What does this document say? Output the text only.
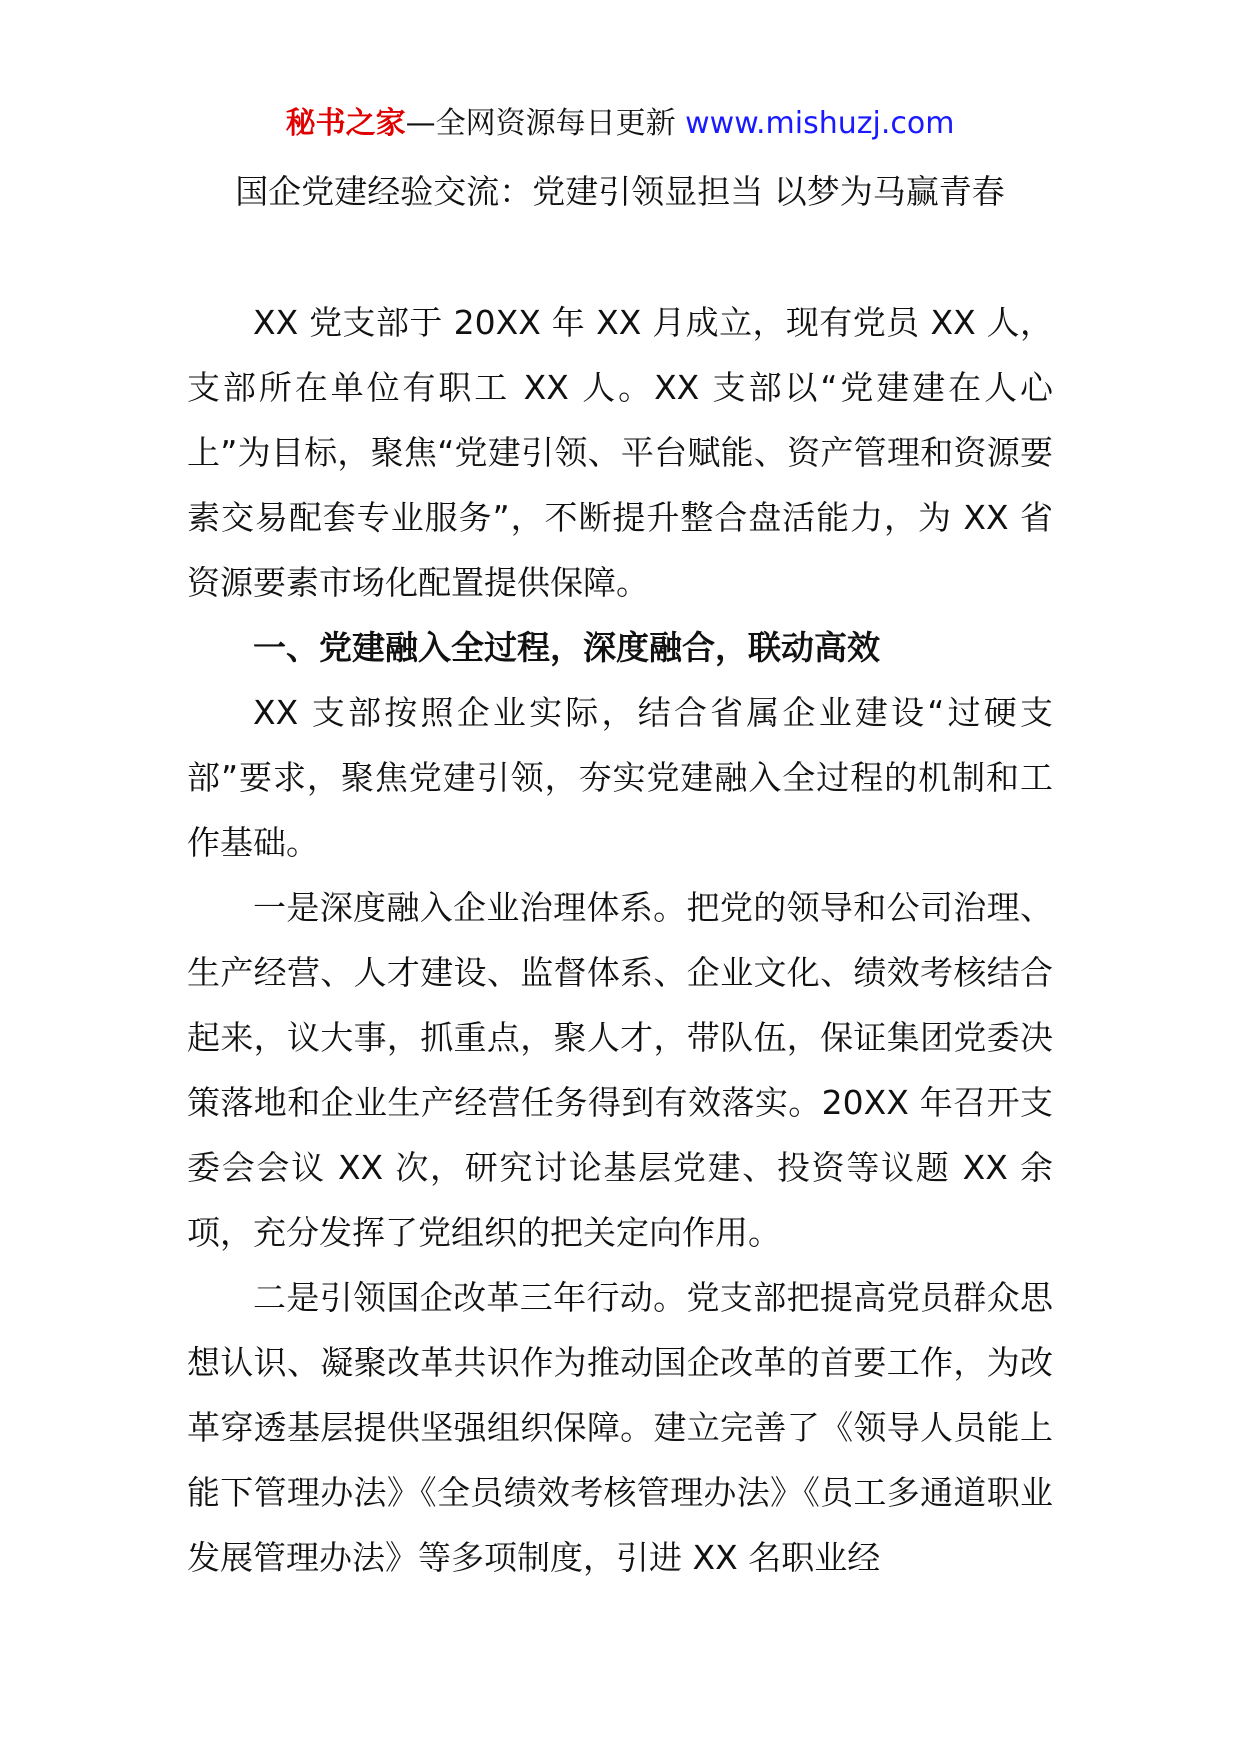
秘书之家—全网资源每日更新 www.mishuzj.com
国企党建经验交流：党建引领显担当 以梦为马赢青春

XX 党支部于 20XX 年 XX 月成立，现有党员 XX 人，支部所在单位有职工 XX 人。XX 支部以“党建建在人心上”为目标，聚焦“党建引领、平台赋能、资产管理和资源要素交易配套专业服务”，不断提升整合盘活能力，为 XX 省资源要素市场化配置提供保障。

一、党建融入全过程，深度融合，联动高效

XX 支部按照企业实际，结合省属企业建设“过硬支部”要求，聚焦党建引领，夯实党建融入全过程的机制和工作基础。

一是深度融入企业治理体系。把党的领导和公司治理、生产经营、人才建设、监督体系、企业文化、绩效考核结合起来，议大事，抓重点，聚人才，带队伍，保证集团党委决策落地和企业生产经营任务得到有效落实。20XX 年召开支委会会议 XX 次，研究讨论基层党建、投资等议题 XX 余项，充分发挥了党组织的把关定向作用。

二是引领国企改革三年行动。党支部把提高党员群众思想认识、凝聚改革共识作为推动国企改革的首要工作，为改革穿透基层提供坚强组织保障。建立完善了《领导人员能上能下管理办法》《全员绩效考核管理办法》《员工多通道职业发展管理办法》等多项制度，引进 XX 名职业经
